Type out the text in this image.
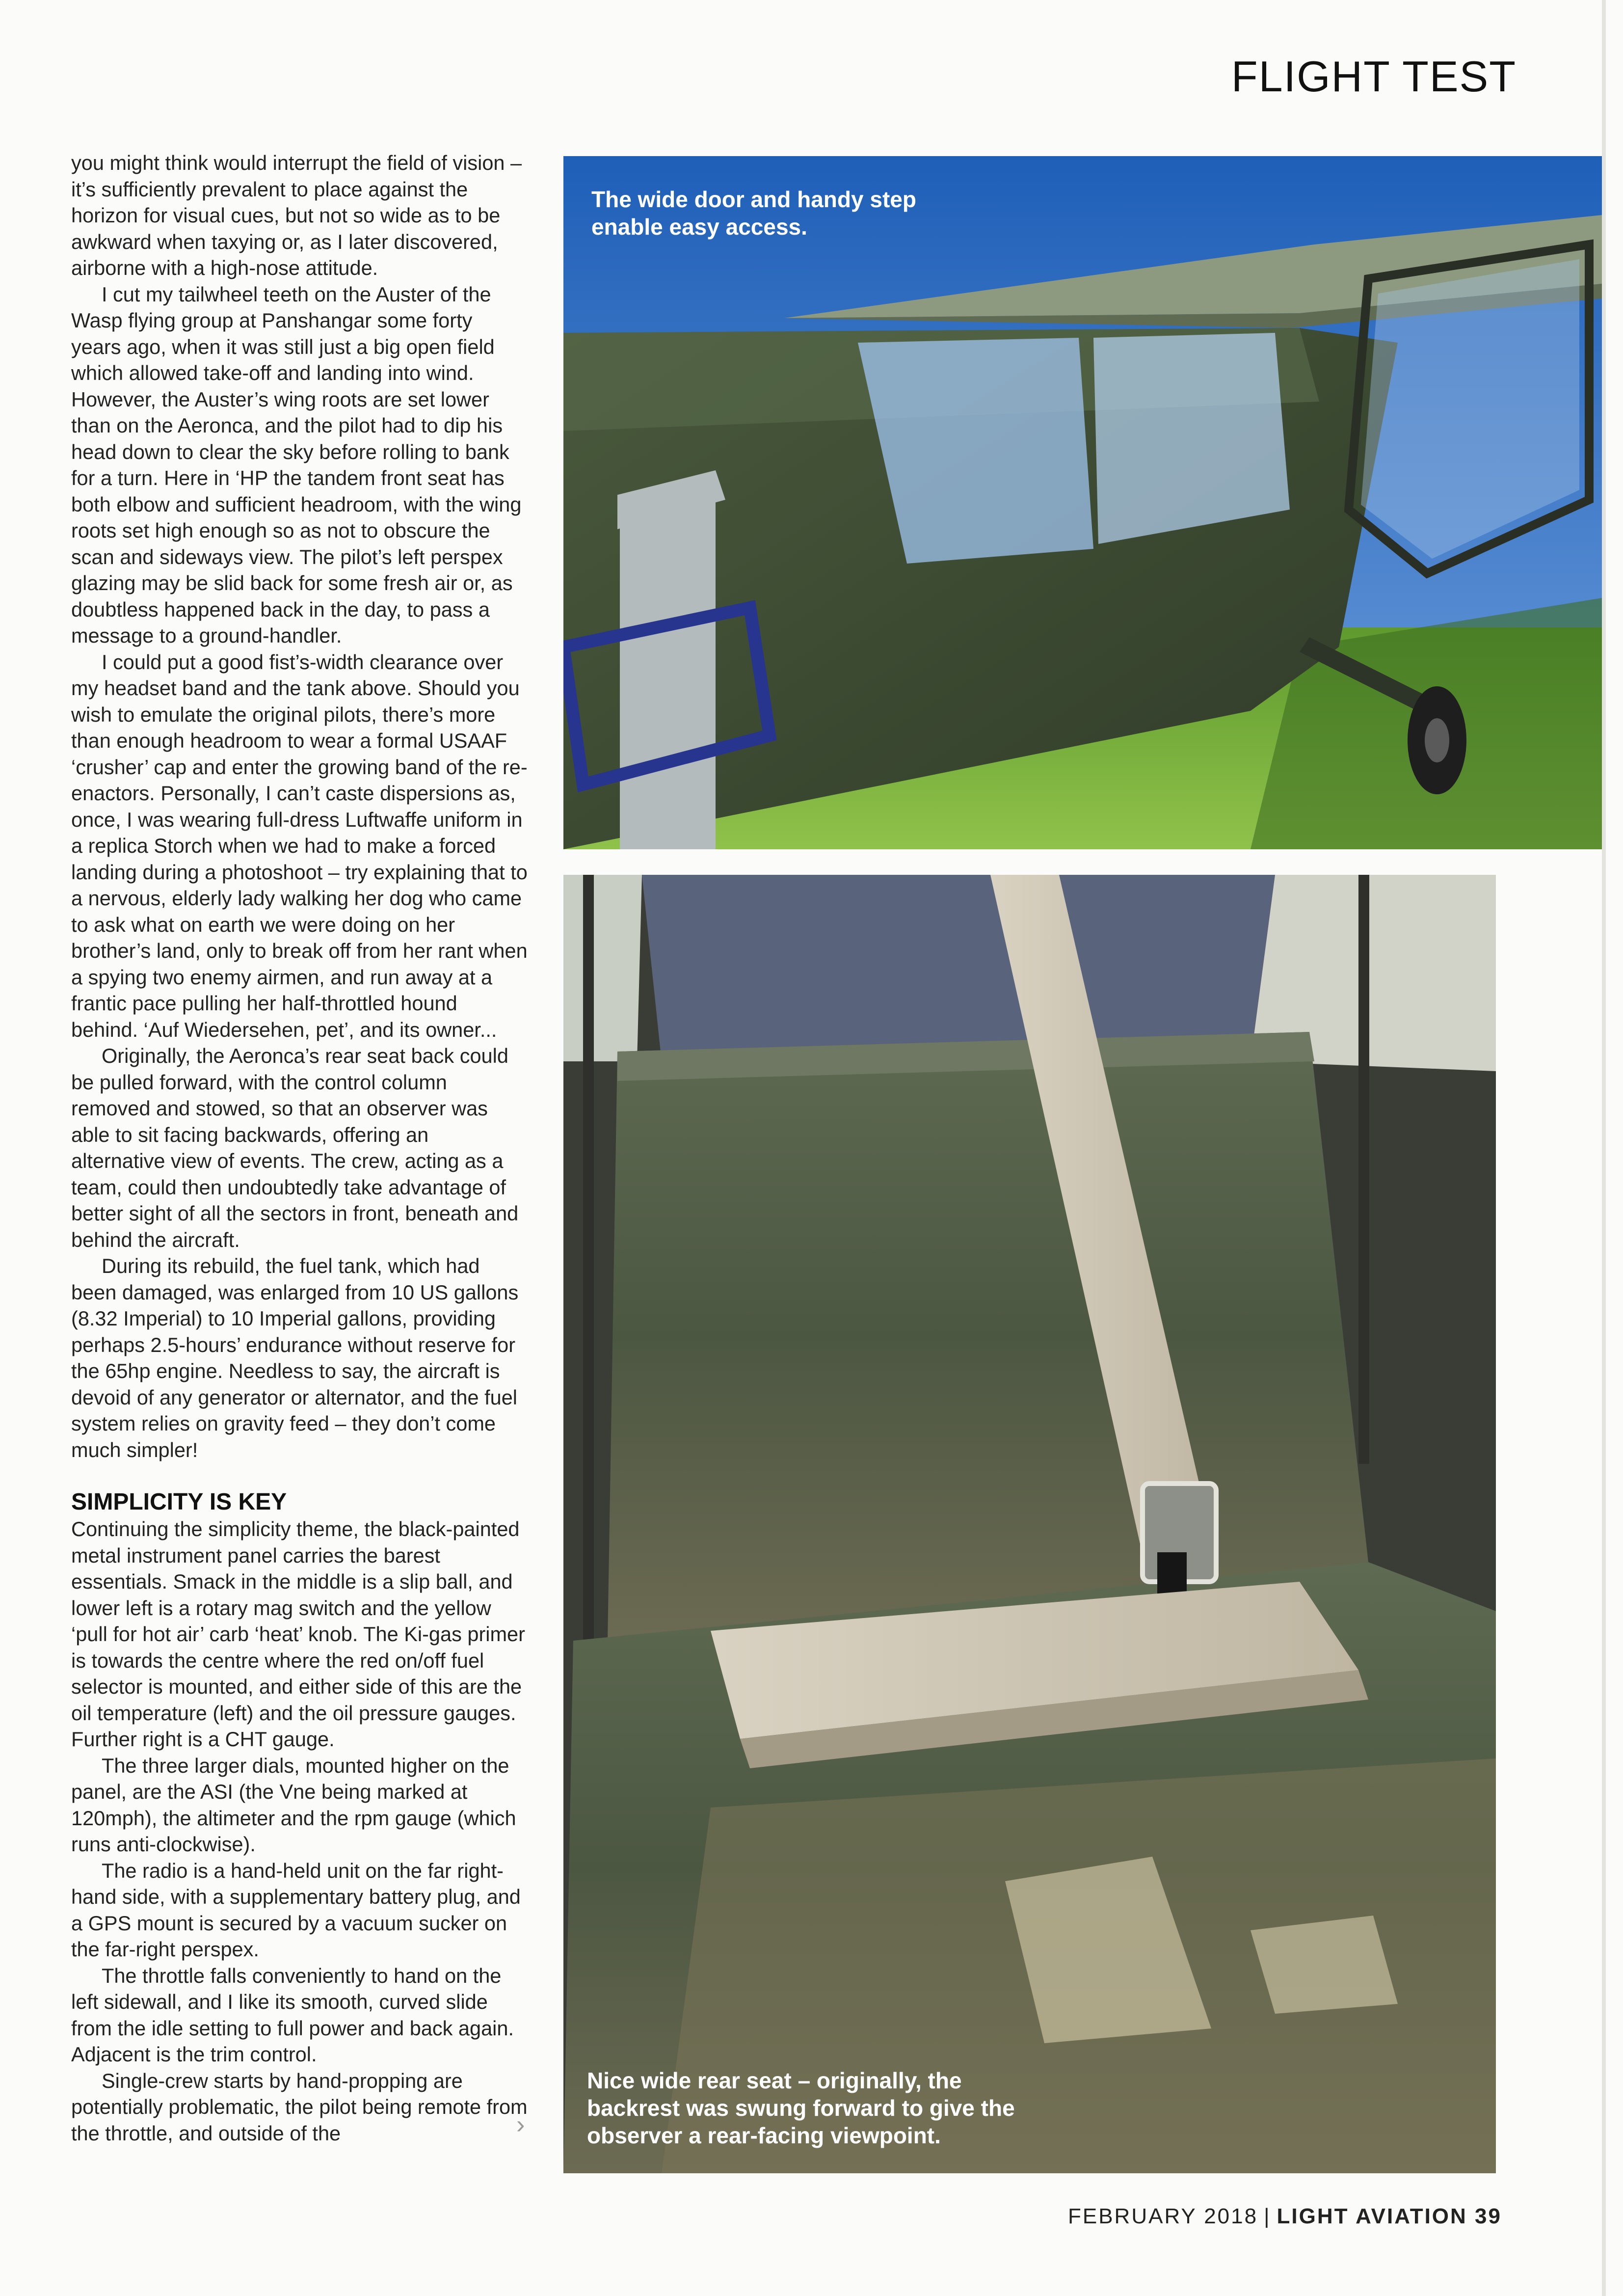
FLIGHT TEST

you might think would interrupt the field of vision – it’s sufficiently prevalent to place against the horizon for visual cues, but not so wide as to be awkward when taxying or, as I later discovered, airborne with a high-nose attitude.

I cut my tailwheel teeth on the Auster of the Wasp flying group at Panshangar some forty years ago, when it was still just a big open field which allowed take-off and landing into wind. However, the Auster’s wing roots are set lower than on the Aeronca, and the pilot had to dip his head down to clear the sky before rolling to bank for a turn. Here in ‘HP the tandem front seat has both elbow and sufficient headroom, with the wing roots set high enough so as not to obscure the scan and sideways view. The pilot’s left perspex glazing may be slid back for some fresh air or, as doubtless happened back in the day, to pass a message to a ground-handler.

I could put a good fist’s-width clearance over my headset band and the tank above. Should you wish to emulate the original pilots, there’s more than enough headroom to wear a formal USAAF ‘crusher’ cap and enter the growing band of the re-enactors. Personally, I can’t caste dispersions as, once, I was wearing full-dress Luftwaffe uniform in a replica Storch when we had to make a forced landing during a photoshoot – try explaining that to a nervous, elderly lady walking her dog who came to ask what on earth we were doing on her brother’s land, only to break off from her rant when a spying two enemy airmen, and run away at a frantic pace pulling her half-throttled hound behind. ‘Auf Wiedersehen, pet’, and its owner...

Originally, the Aeronca’s rear seat back could be pulled forward, with the control column removed and stowed, so that an observer was able to sit facing backwards, offering an alternative view of events. The crew, acting as a team, could then undoubtedly take advantage of better sight of all the sectors in front, beneath and behind the aircraft.

During its rebuild, the fuel tank, which had been damaged, was enlarged from 10 US gallons (8.32 Imperial) to 10 Imperial gallons, providing perhaps 2.5-hours’ endurance without reserve for the 65hp engine. Needless to say, the aircraft is devoid of any generator or alternator, and the fuel system relies on gravity feed – they don’t come much simpler!

SIMPLICITY IS KEY

Continuing the simplicity theme, the black-painted metal instrument panel carries the barest essentials. Smack in the middle is a slip ball, and lower left is a rotary mag switch and the yellow ‘pull for hot air’ carb ‘heat’ knob. The Ki-gas primer is towards the centre where the red on/off fuel selector is mounted, and either side of this are the oil temperature (left) and the oil pressure gauges. Further right is a CHT gauge.

The three larger dials, mounted higher on the panel, are the ASI (the Vne being marked at 120mph), the altimeter and the rpm gauge (which runs anti-clockwise).

The radio is a hand-held unit on the far right-hand side, with a supplementary battery plug, and a GPS mount is secured by a vacuum sucker on the far-right perspex.

The throttle falls conveniently to hand on the left sidewall, and I like its smooth, curved slide from the idle setting to full power and back again. Adjacent is the trim control.

Single-crew starts by hand-propping are potentially problematic, the pilot being remote from the throttle, and outside of the	›
The wide door and handy step enable easy access.
Nice wide rear seat – originally, the backrest was swung forward to give the observer a rear-facing viewpoint.
FEBRUARY 2018 | LIGHT AVIATION 39
